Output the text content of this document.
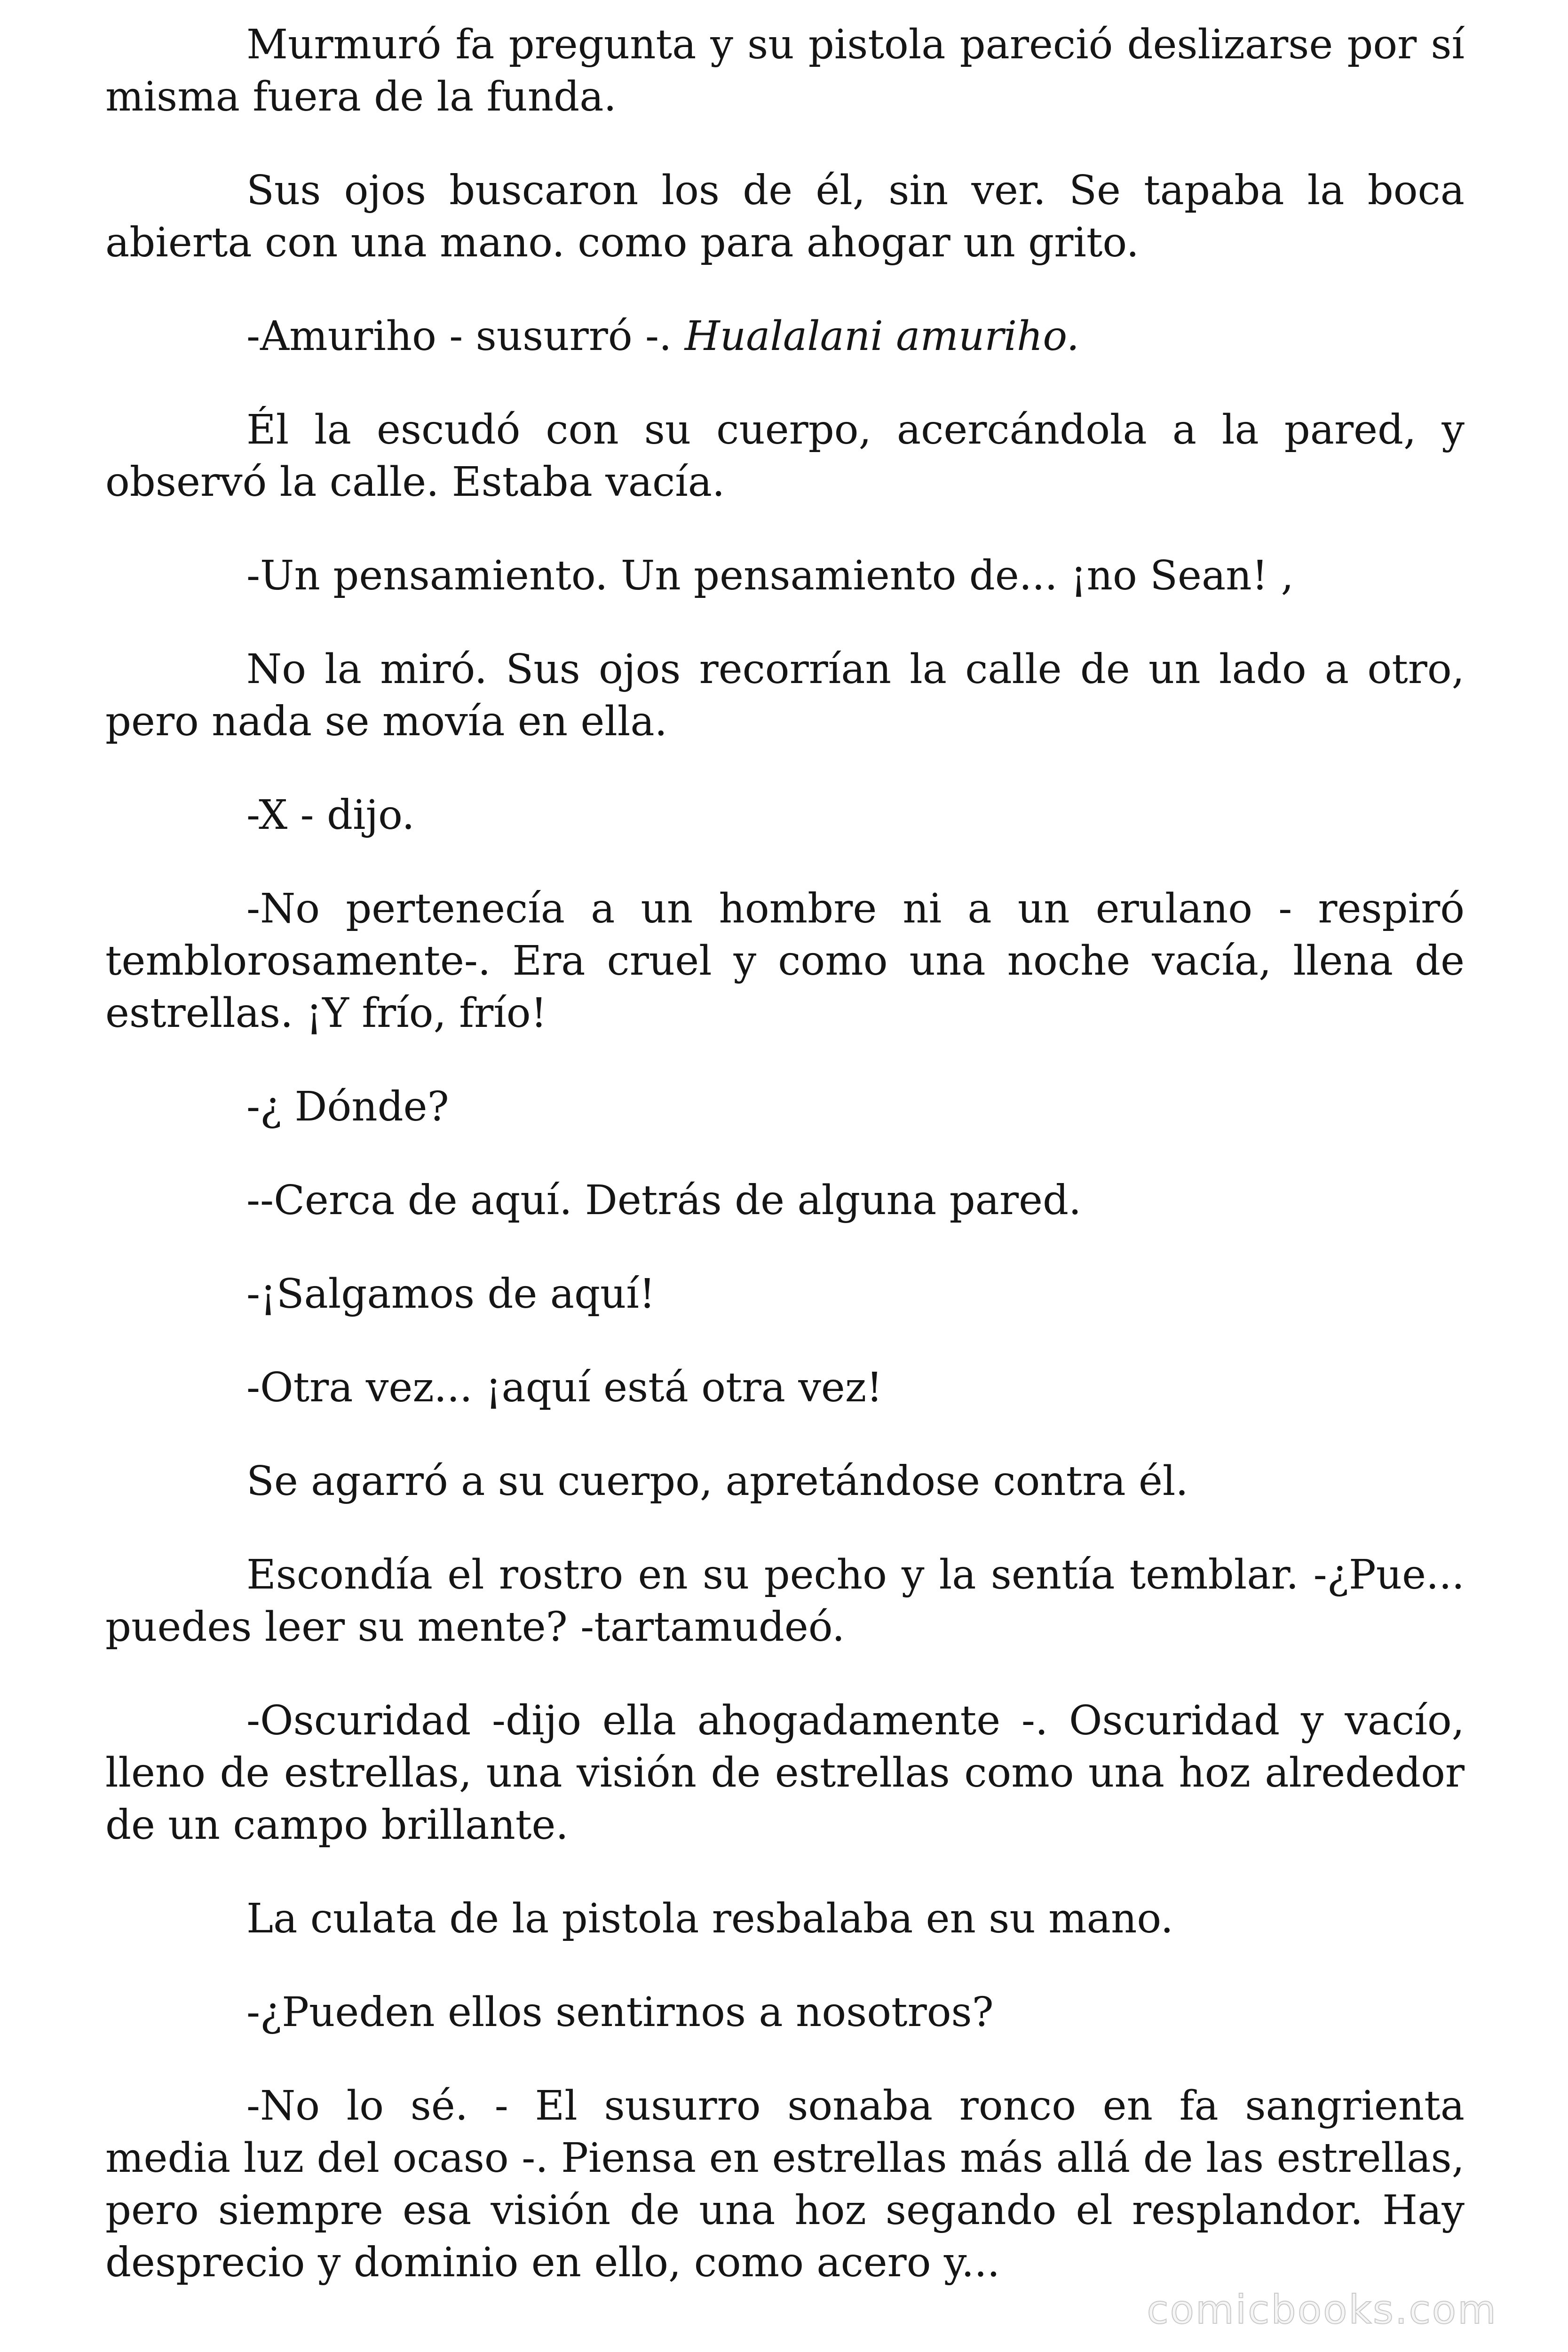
Murmuró fa pregunta y su pistola pareció deslizarse por sí misma fuera de la funda.

Sus ojos buscaron los de él, sin ver. Se tapaba la boca abierta con una mano. como para ahogar un grito.

-Amuriho - susurró -. Hualalani amuriho.

Él la escudó con su cuerpo, acercándola a la pared, y observó la calle. Estaba vacía.

-Un pensamiento. Un pensamiento de... ¡no Sean! ,

No la miró. Sus ojos recorrían la calle de un lado a otro, pero nada se movía en ella.

-X - dijo.

-No pertenecía a un hombre ni a un erulano - respiró temblorosamente-. Era cruel y como una noche vacía, llena de estrellas. ¡Y frío, frío!

-¿ Dónde?

--Cerca de aquí. Detrás de alguna pared.

-¡Salgamos de aquí!

-Otra vez... ¡aquí está otra vez!

Se agarró a su cuerpo, apretándose contra él.

Escondía el rostro en su pecho y la sentía temblar. -¿Pue... puedes leer su mente? -tartamudeó.

-Oscuridad -dijo ella ahogadamente -. Oscuridad y vacío, lleno de estrellas, una visión de estrellas como una hoz alrededor de un campo brillante.

La culata de la pistola resbalaba en su mano.

-¿Pueden ellos sentirnos a nosotros?

-No lo sé. - El susurro sonaba ronco en fa sangrienta media luz del ocaso -. Piensa en estrellas más allá de las estrellas, pero siempre esa visión de una hoz segando el resplandor. Hay desprecio y dominio en ello, como acero y...

comicbooks.com
